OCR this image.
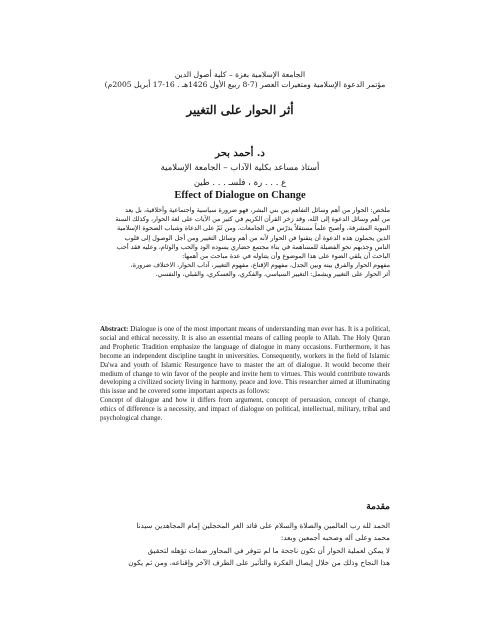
الجامعة الإسلامية بغزة – كلية أصول الدين
مؤتمر الدعوة الإسلامية ومتغيرات العصر (7-8 ربيع الأول 1426هـ . 16-17 أبريل 2005م)
أثر الحوار على التغيير
د. أحمد بحر
أستاذ مساعد بكلية الآداب – الجامعة الإسلامية
ع . . . رة ، فلسـ . . . طين
Effect of Dialogue on Change
ملخص: الحوار من أهم وسائل التفاهم بين بني البشر، فهو ضرورة سياسية واجتماعية وأخلاقية، بل يعد
من أهم وسائل الدعوة إلى الله، وقد زخر القرآن الكريم في كثير من الآيات على لغة الحوار، وكذلك السنة
النبوية المشرفة، وأصبح علماً مستقلاً يدرّس في الجامعات، ومن ثَمّ على الدعاة وشباب الصحوة الإسلامية
الذين يحملون هذه الدعوة أن يتقنوا فن الحوار لأنه من أهم وسائل التغيير ومن أجل الوصول إلى قلوب
الناس وجذبهم نحو الفضيلة للمساهمة في بناء مجتمع حضاري يسوده الود والحب والوئام، وعليه فقد أحب
الباحث أن يلقي الضوء على هذا الموضوع وأن يتناوله في عدة مباحث من أهمها:
مفهوم الحوار والفرق بينه وبين الجدل، مفهوم الإقناع، مفهوم التغيير، آداب الحوار، الاختلاف ضرورة،
أثر الحوار على التغيير ويشمل: التغيير السياسي، والفكري، والعسكري، والقبلي، والنفسي.

Abstract: Dialogue is one of the most important means of understanding man ever has. It is a political, social and ethical necessity. It is also an essential means of calling people to Allah. The Holy Quran and Prophetic Tradition emphasize the language of dialogue in many occasions. Furthermore, it has become an independent discipline taught in universities. Consequently, workers in the field of Islamic Da'wa and youth of Islamic Resurgence have to master the art of dialogue. It would become their medium of change to win favor of the people and invite hem to virtues. This would contribute towards developing a civilized society living in harmony, peace and love. This researcher aimed at illuminating this issue and he covered some important aspects as follows:

Concept of dialogue and how it differs from argument, concept of persuasion, concept of change, ethics of difference is a necessity, and impact of dialogue on political, intellectual, military, tribal and psychological change.

مقدمة

الحمد لله رب العالمين والصلاة والسلام على قائد الغر المحجلين إمام المجاهدين سيدنا

محمد وعلى آله وصحبه أجمعين وبعد:

لا يمكن لعملية الحوار أن تكون ناجحة ما لم تتوفر في المحاور صفات تؤهله لتحقيق

هذا النجاح وذلك من خلال إيصال الفكرة والتأثير على الطرف الآخر وإقناعه، ومن ثم يكون
